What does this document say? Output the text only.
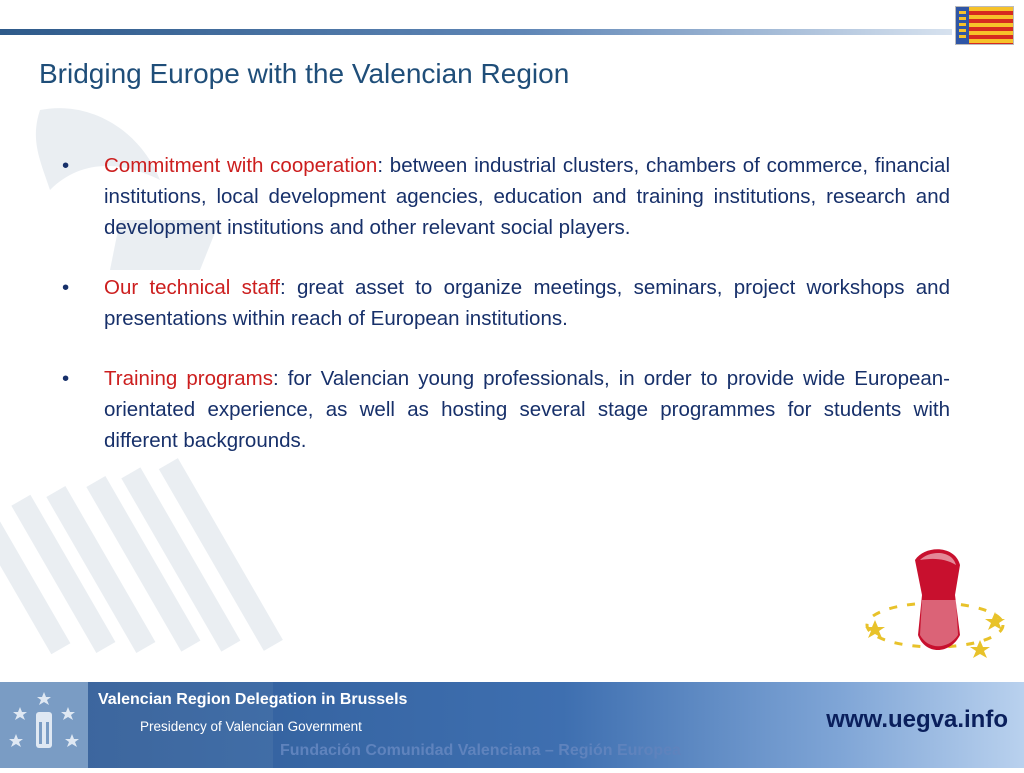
Bridging Europe with the Valencian Region
• Commitment with cooperation: between industrial clusters, chambers of commerce, financial institutions, local development agencies, education and training institutions, research and development institutions and other relevant social players.
• Our technical staff: great asset to organize meetings, seminars, project workshops and presentations within reach of European institutions.
• Training programs: for Valencian young professionals, in order to provide wide European-orientated experience, as well as hosting several stage programmes for students with different backgrounds.
Valencian Region Delegation in Brussels
Presidency of Valencian Government
Fundación Comunidad Valenciana – Región Europea
www.uegva.info
